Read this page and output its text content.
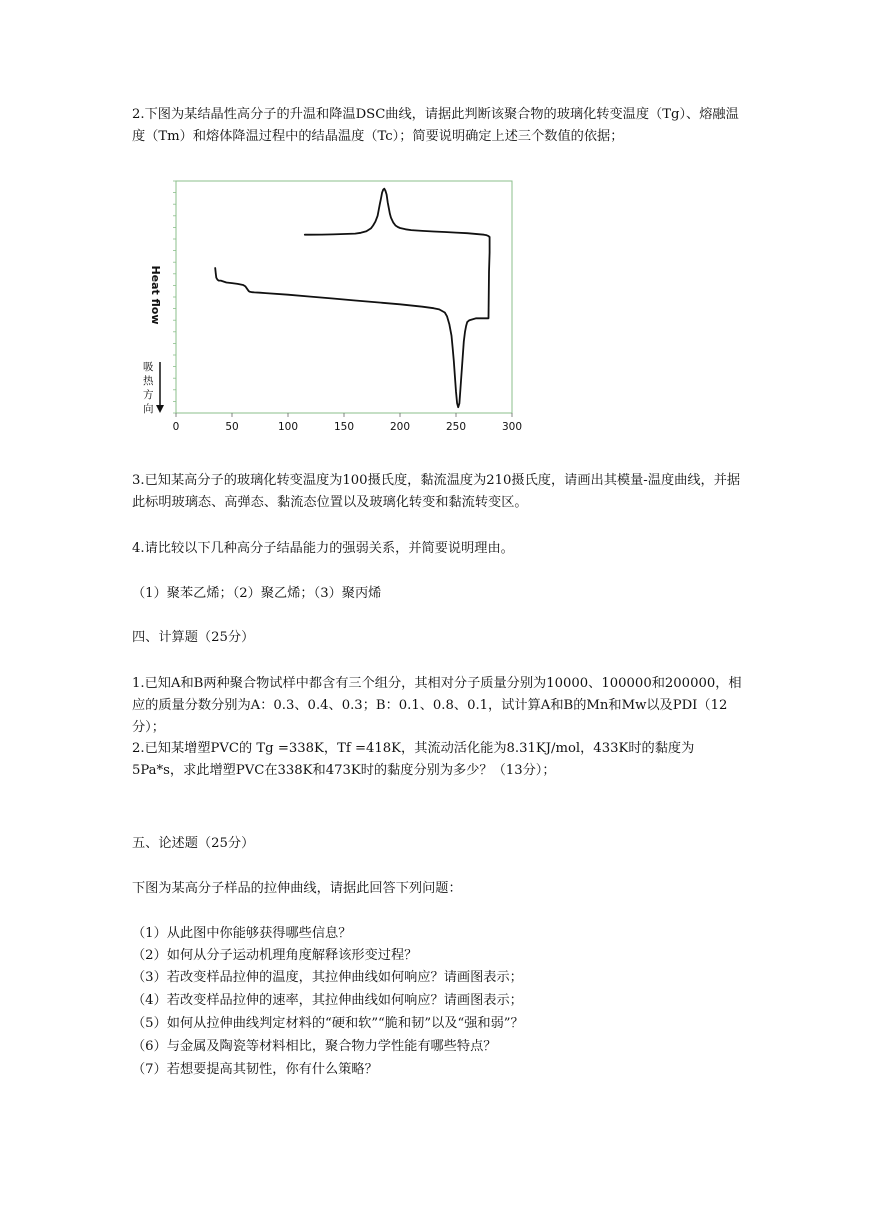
2.下图为某结晶性高分子的升温和降温DSC曲线，请据此判断该聚合物的玻璃化转变温度（Tg）、熔融温度（Tm）和熔体降温过程中的结晶温度（Tc）；简要说明确定上述三个数值的依据；

0	50	100	150	200	250	300
Heat flow
吸
热
方
向

3.已知某高分子的玻璃化转变温度为100摄氏度，黏流温度为210摄氏度，请画出其模量-温度曲线，并据此标明玻璃态、高弹态、黏流态位置以及玻璃化转变和黏流转变区。

4.请比较以下几种高分子结晶能力的强弱关系，并简要说明理由。

（1）聚苯乙烯；（2）聚乙烯；（3）聚丙烯

四、计算题（25分）

1.已知A和B两种聚合物试样中都含有三个组分，其相对分子质量分别为10000、100000和200000，相应的质量分数分别为A：0.3、0.4、0.3；B：0.1、0.8、0.1，试计算A和B的Mn和Mw以及PDI（12分）；

2.已知某增塑PVC的 Tg =338K，Tf =418K，其流动活化能为8.31KJ/mol，433K时的黏度为5Pa*s，求此增塑PVC在338K和473K时的黏度分别为多少？（13分）；

五、论述题（25分）

下图为某高分子样品的拉伸曲线，请据此回答下列问题：

（1）从此图中你能够获得哪些信息？

（2）如何从分子运动机理角度解释该形变过程？

（3）若改变样品拉伸的温度，其拉伸曲线如何响应？请画图表示；

（4）若改变样品拉伸的速率，其拉伸曲线如何响应？请画图表示；

（5）如何从拉伸曲线判定材料的“硬和软”“脆和韧”以及“强和弱”？

（6）与金属及陶瓷等材料相比，聚合物力学性能有哪些特点？

（7）若想要提高其韧性，你有什么策略？
